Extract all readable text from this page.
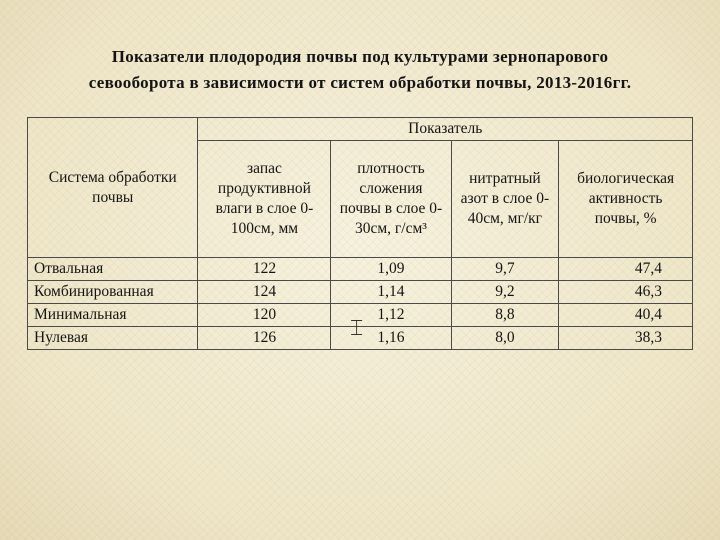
Показатели плодородия почвы под культурами зернопарового
севооборота в зависимости от систем обработки почвы, 2013-2016гг.
Система обработки почвы	Показатель			
	запас продуктивной влаги в слое 0-100см, мм	плотность сложения почвы в слое 0-30см, г/см³	нитратный азот в слое 0-40см, мг/кг	биологическая активность почвы, %
Отвальная	122	1,09	9,7	47,4
Комбинированная	124	1,14	9,2	46,3
Минимальная	120	1,12	8,8	40,4
Нулевая	126	1,16	8,0	38,3
⌶
